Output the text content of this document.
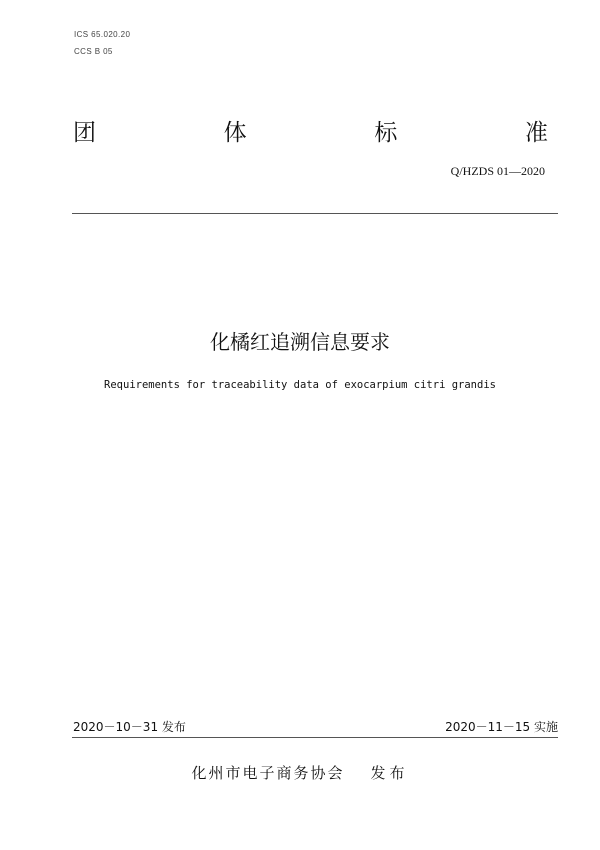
ICS 65.020.20
CCS B 05
团	体	标	准
Q/HZDS 01—2020
化橘红追溯信息要求
Requirements for traceability data of exocarpium citri grandis
2020－10－31 发布	2020－11－15 实施
化州市电子商务协会 发布
